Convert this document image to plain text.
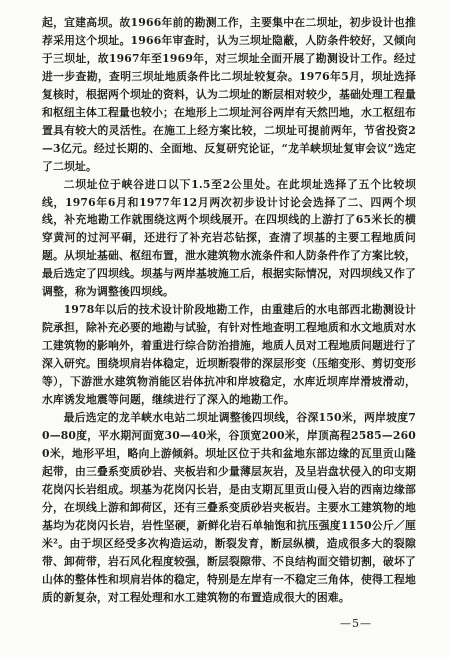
起，宜建高坝。故1966年前的勘测工作，主要集中在二坝址，初步设计也推荐采用这个坝址。1966年审查时，认为三坝址隐蔽，人防条件较好，又倾向于三坝址，故1967年至1969年，对三坝址全面开展了勘测设计工作。经过进一步查勘，查明三坝址地质条件比二坝址较复杂。1976年5月，坝址选择复核时，根据两个坝址的资料，认为二坝址的断层相对较少，基础处理工程量和枢纽主体工程量也较小；在地形上二坝址河谷两岸有天然凹地，水工枢纽布置具有较大的灵活性。在施工上经方案比较，二坝址可提前两年，节省投资2—3亿元。经过长期的、全面地、反复研究论证，“龙羊峡坝址复审会议”选定了二坝址。

二坝址位于峡谷进口以下1.5至2公里处。在此坝址选择了五个比较坝线，1976年6月和1977年12月两次初步设计讨论会选择了二、四两个坝线，补充地勘工作就围绕这两个坝线展开。在四坝线的上游打了65米长的横穿黄河的过河平硐，还进行了补充岩芯钻探，查清了坝基的主要工程地质问题。从坝址基础、枢纽布置，泄水建筑物水流条件和人防条件作了方案比较，最后选定了四坝线。坝基与两岸基坡施工后，根据实际情况，对四坝线又作了调整，称为调整後四坝线。

1978年以后的技术设计阶段地勘工作，由重建后的水电部西北勘测设计院承担，除补充必要的地勘与试验，有针对性地查明工程地质和水文地质对水工建筑物的影响外，着重进行综合防治措施，地质人员对工程地质问题进行了深入研究。围绕坝肩岩体稳定，近坝断裂带的深层形变（压缩变形、剪切变形等），下游泄水建筑物消能区岩体抗冲和岸坡稳定，水库近坝库岸滑坡滑动，水库诱发地震等问题，继续进行了深入的地勘工作。

最后选定的龙羊峡水电站二坝址调整後四坝线，谷深150米，两岸坡度70—80度，平水期河面宽30—40米，谷顶宽200米，岸顶高程2585—2600米，地形平坦，略向上游倾斜。坝址区位于共和盆地东部边缘的瓦里贡山隆起带，由三叠系变质砂岩、夹板岩和少量薄层灰岩，及呈岩盘状侵入的印支期花岗闪长岩组成。坝基为花岗闪长岩，是由支期瓦里贡山侵入岩的西南边缘部分，在坝线上游和卸荷区，还有三叠系变质砂岩夹板岩。主要水工建筑物的地基均为花岗闪长岩，岩性坚硬，新鲜化岩石单轴饱和抗压强度1150公斤／厘米²。由于坝区经受多次构造运动，断裂发育，断层纵横，造成很多大的裂隙带、卸荷带，岩石风化程度较强，断层裂隙带、不良结构面交错切割，破坏了山体的整体性和坝肩岩体的稳定，特别是左岸有一不稳定三角体，使得工程地质的新复杂，对工程处理和水工建筑物的布置造成很大的困难。

—5—
